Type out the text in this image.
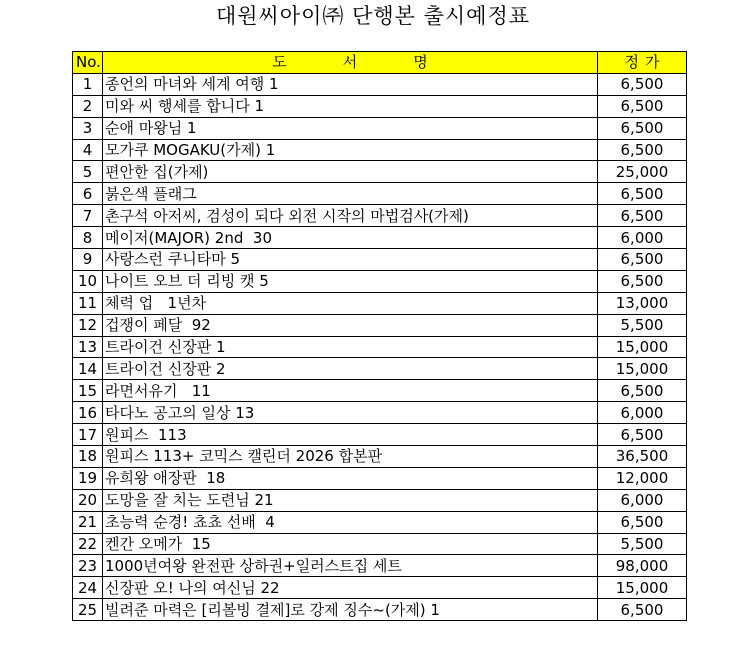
대원씨아이㈜ 단행본 출시예정표
No.	도 서 명	정가
1	종언의 마녀와 세계 여행 1	6,500
2	미와 씨 행세를 합니다 1	6,500
3	순애 마왕님 1	6,500
4	모가쿠 MOGAKU(가제) 1	6,500
5	편안한 집(가제)	25,000
6	붉은색 플래그	6,500
7	촌구석 아저씨, 검성이 되다 외전 시작의 마법검사(가제)	6,500
8	메이저(MAJOR) 2nd  30	6,000
9	사랑스런 쿠니타마 5	6,500
10	나이트 오브 더 리빙 캣 5	6,500
11	체력 업   1년차	13,000
12	겁쟁이 페달  92	5,500
13	트라이건 신장판 1	15,000
14	트라이건 신장판 2	15,000
15	라면서유기   11	6,500
16	타다노 공고의 일상 13	6,000
17	원피스  113	6,500
18	원피스 113+ 코믹스 캘린더 2026 합본판	36,500
19	유희왕 애장판  18	12,000
20	도망을 잘 치는 도련님 21	6,000
21	초능력 순경! 쵸쵸 선배  4	6,500
22	켄간 오메가  15	5,500
23	1000년여왕 완전판 상하권+일러스트집 세트	98,000
24	신장판 오! 나의 여신님 22	15,000
25	빌려준 마력은 [리볼빙 결제]로 강제 징수~(가제) 1	6,500
